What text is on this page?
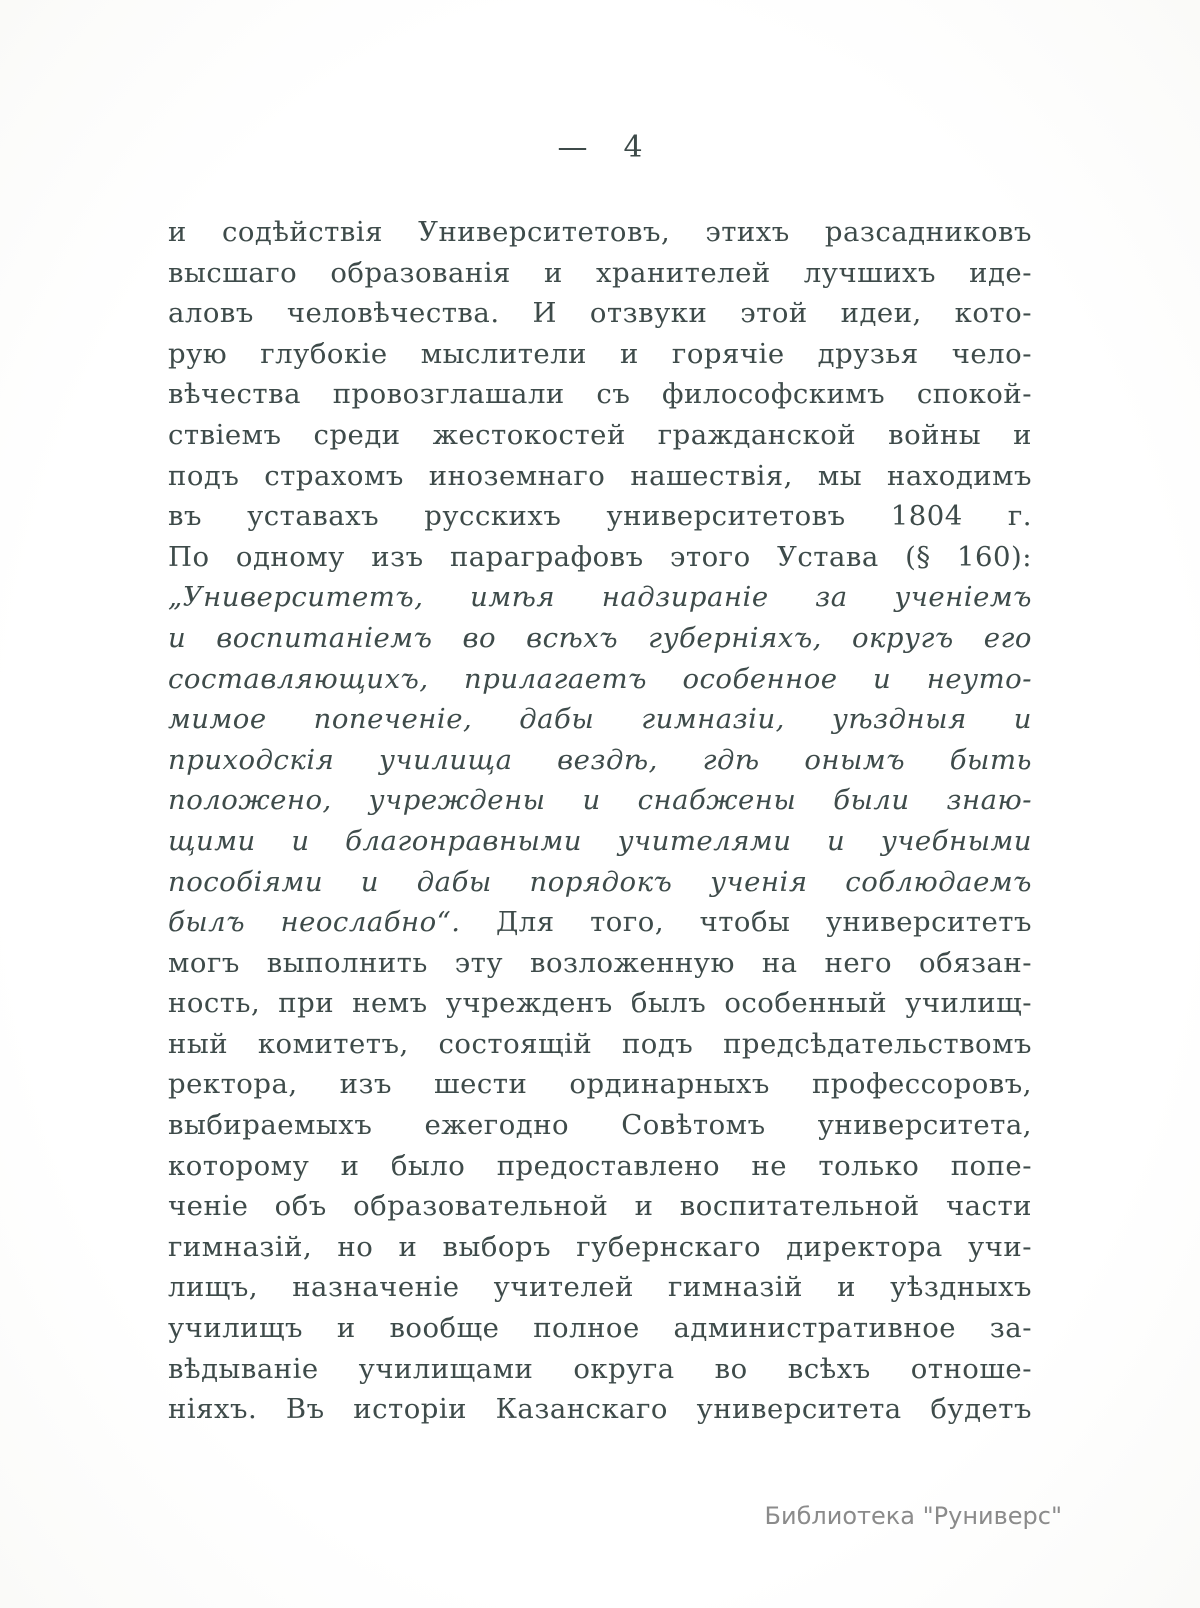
— 4
и содѣйствія Университетовъ, этихъ разсадниковъ
высшаго образованія и хранителей лучшихъ иде-
аловъ человѣчества. И отзвуки этой идеи, кото-
рую глубокіе мыслители и горячіе друзья чело-
вѣчества провозглашали съ философскимъ спокой-
ствіемъ среди жестокостей гражданской войны и
подъ страхомъ иноземнаго нашествія, мы находимъ
въ уставахъ русскихъ университетовъ 1804 г.
По одному изъ параграфовъ этого Устава (§ 160):
„Университетъ, имѣя надзираніе за ученіемъ
и воспитаніемъ во всѣхъ губерніяхъ, округъ его
составляющихъ, прилагаетъ особенное и неуто-
мимое попеченіе, дабы гимназіи, уѣздныя и
приходскія училища вездѣ, гдѣ онымъ быть
положено, учреждены и снабжены были знаю-
щими и благонравными учителями и учебными
пособіями и дабы порядокъ ученія соблюдаемъ
былъ неослабно“. Для того, чтобы университетъ
могъ выполнить эту возложенную на него обязан-
ность, при немъ учрежденъ былъ особенный училищ-
ный комитетъ, состоящій подъ предсѣдательствомъ
ректора, изъ шести ординарныхъ профессоровъ,
выбираемыхъ ежегодно Совѣтомъ университета,
которому и было предоставлено не только попе-
ченіе объ образовательной и воспитательной части
гимназій, но и выборъ губернскаго директора учи-
лищъ, назначеніе учителей гимназій и уѣздныхъ
училищъ и вообще полное административное за-
вѣдываніе училищами округа во всѣхъ отноше-
ніяхъ. Въ исторіи Казанскаго университета будетъ
Библиотека "Руниверс"
